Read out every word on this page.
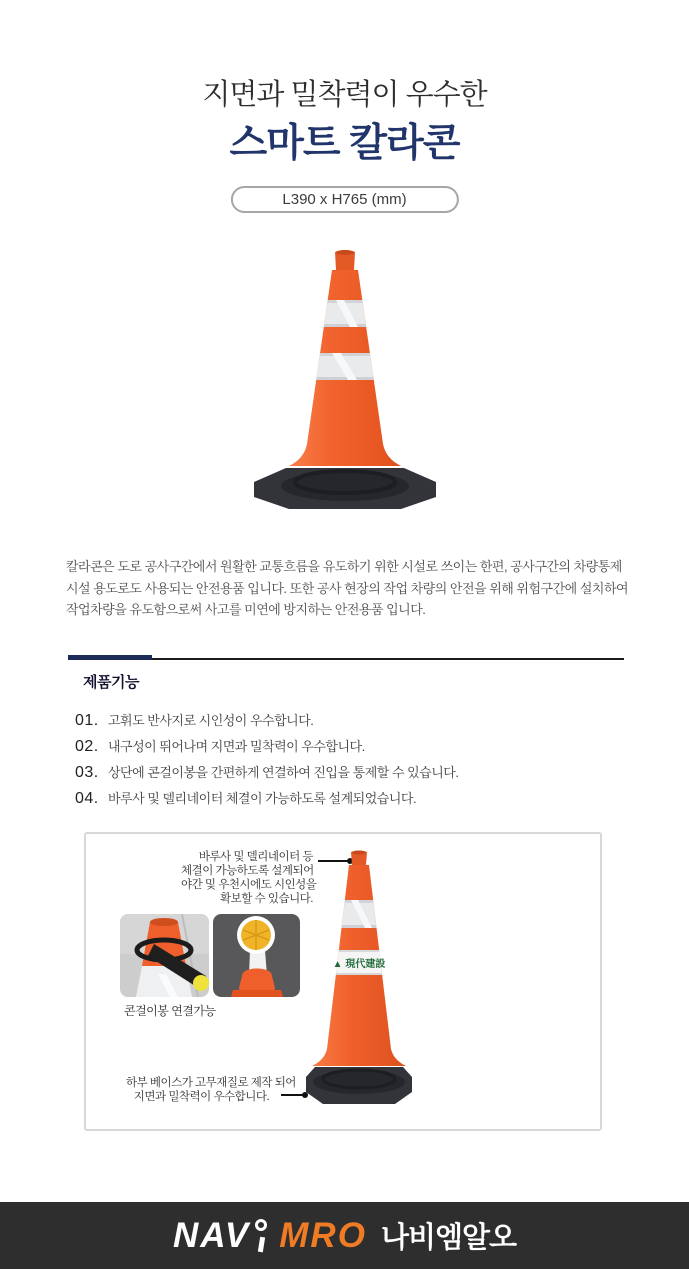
지면과 밀착력이 우수한
스마트 칼라콘
L390 x H765 (mm)
칼라콘은 도로 공사구간에서 원활한 교통흐름을 유도하기 위한 시설로 쓰이는 한편, 공사구간의 차량통제
시설 용도로도 사용되는 안전용품 입니다. 또한 공사 현장의 작업 차량의 안전을 위해 위험구간에 설치하여
작업차량을 유도함으로써 사고를 미연에 방지하는 안전용품 입니다.
제품기능
01. 고휘도 반사지로 시인성이 우수합니다.
02. 내구성이 뛰어나며 지면과 밀착력이 우수합니다.
03. 상단에 콘걸이봉을 간편하게 연결하여 진입을 통제할 수 있습니다.
04. 바루사 및 델리네이터 체결이 가능하도록 설계되었습니다.
바루사 및 델리네이터 등
체결이 가능하도록 설계되어
야간 및 우천시에도 시인성을
확보할 수 있습니다.
▲ 現代建設
콘걸이봉 연결가능
하부 베이스가 고무재질로 제작 되어
지면과 밀착력이 우수합니다.
NAV MRO 나비엠알오
